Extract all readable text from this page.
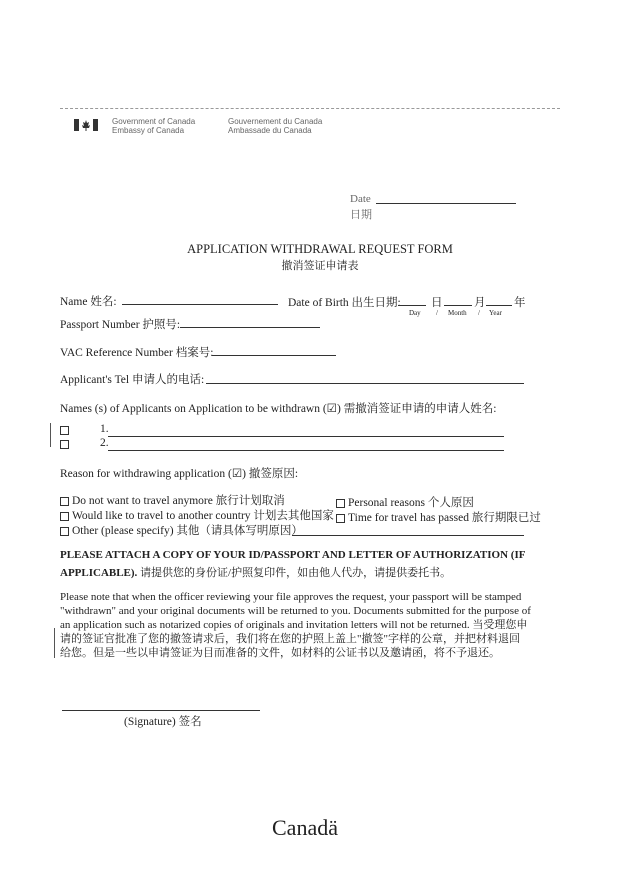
Government of Canada
Embassy of Canada
Gouvernement du Canada
Ambassade du Canada
Date
日期
APPLICATION WITHDRAWAL REQUEST FORM
撤消签证申请表
Name 姓名:	Date of Birth 出生日期:	日	月 年
Day / Month / Year
Passport Number 护照号:
VAC Reference Number 档案号:
Applicant's Tel 申请人的电话:
Names (s) of Applicants on Application to be withdrawn (☑) 需撤消签证申请的申请人姓名:
1.
2.
Reason for withdrawing application (☑) 撤签原因:
Do not want to travel anymore 旅行计划取消	Personal reasons 个人原因
Would like to travel to another country 计划去其他国家	Time for travel has passed 旅行期限已过
Other (please specify) 其他（请具体写明原因）
PLEASE ATTACH A COPY OF YOUR ID/PASSPORT AND LETTER OF AUTHORIZATION (IF
APPLICABLE). 请提供您的身份证/护照复印件，如由他人代办，请提供委托书。
Please note that when the officer reviewing your file approves the request, your passport will be stamped
"withdrawn" and your original documents will be returned to you. Documents submitted for the purpose of
an application such as notarized copies of originals and invitation letters will not be returned. 当受理您申
请的签证官批准了您的撤签请求后，我们将在您的护照上盖上"撤签"字样的公章，并把材料退回
给您。但是一些以申请签证为目而准备的文件，如材料的公证书以及邀请函，将不予退还。
(Signature) 签名
Canadä
